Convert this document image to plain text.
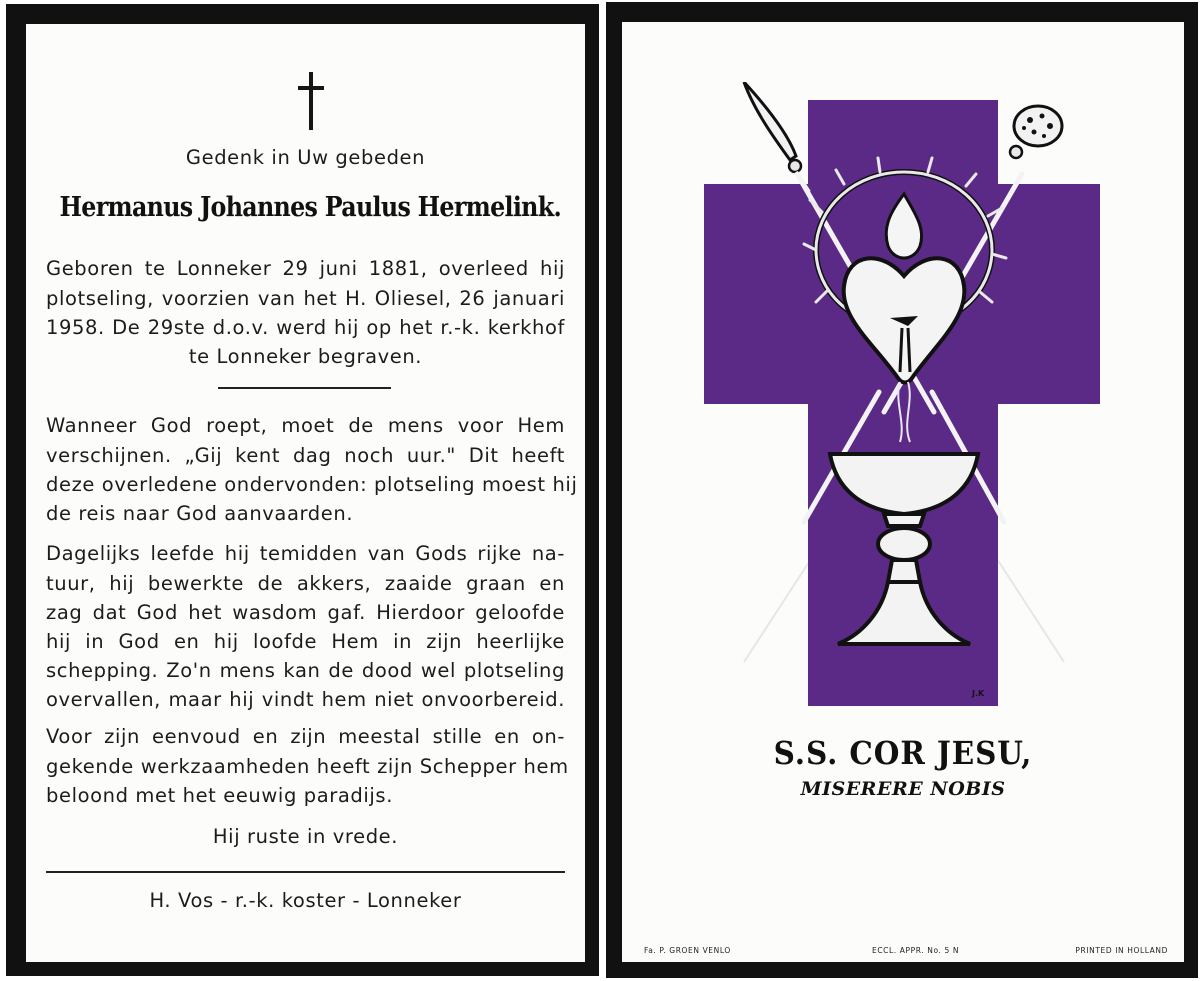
Gedenk in Uw gebeden
Hermanus Johannes Paulus Hermelink.
Geboren te Lonneker 29 juni 1881, overleed hij
plotseling, voorzien van het H. Oliesel, 26 januari
1958. De 29ste d.o.v. werd hij op het r.-k. kerkhof
te Lonneker begraven.
Wanneer God roept, moet de mens voor Hem
verschijnen. „Gij kent dag noch uur." Dit heeft
deze overledene ondervonden: plotseling moest hij
de reis naar God aanvaarden.
Dagelijks leefde hij temidden van Gods rijke na-
tuur, hij bewerkte de akkers, zaaide graan en
zag dat God het wasdom gaf. Hierdoor geloofde
hij in God en hij loofde Hem in zijn heerlijke
schepping. Zo'n mens kan de dood wel plotseling
overvallen, maar hij vindt hem niet onvoorbereid.
Voor zijn eenvoud en zijn meestal stille en on-
gekende werkzaamheden heeft zijn Schepper hem
beloond met het eeuwig paradijs.
Hij ruste in vrede.
H. Vos - r.-k. koster - Lonneker
J.K
S.S. COR JESU,
MISERERE NOBIS
Fa. P. GROEN VENLO	ECCL. APPR. No. 5 N	PRINTED IN HOLLAND
